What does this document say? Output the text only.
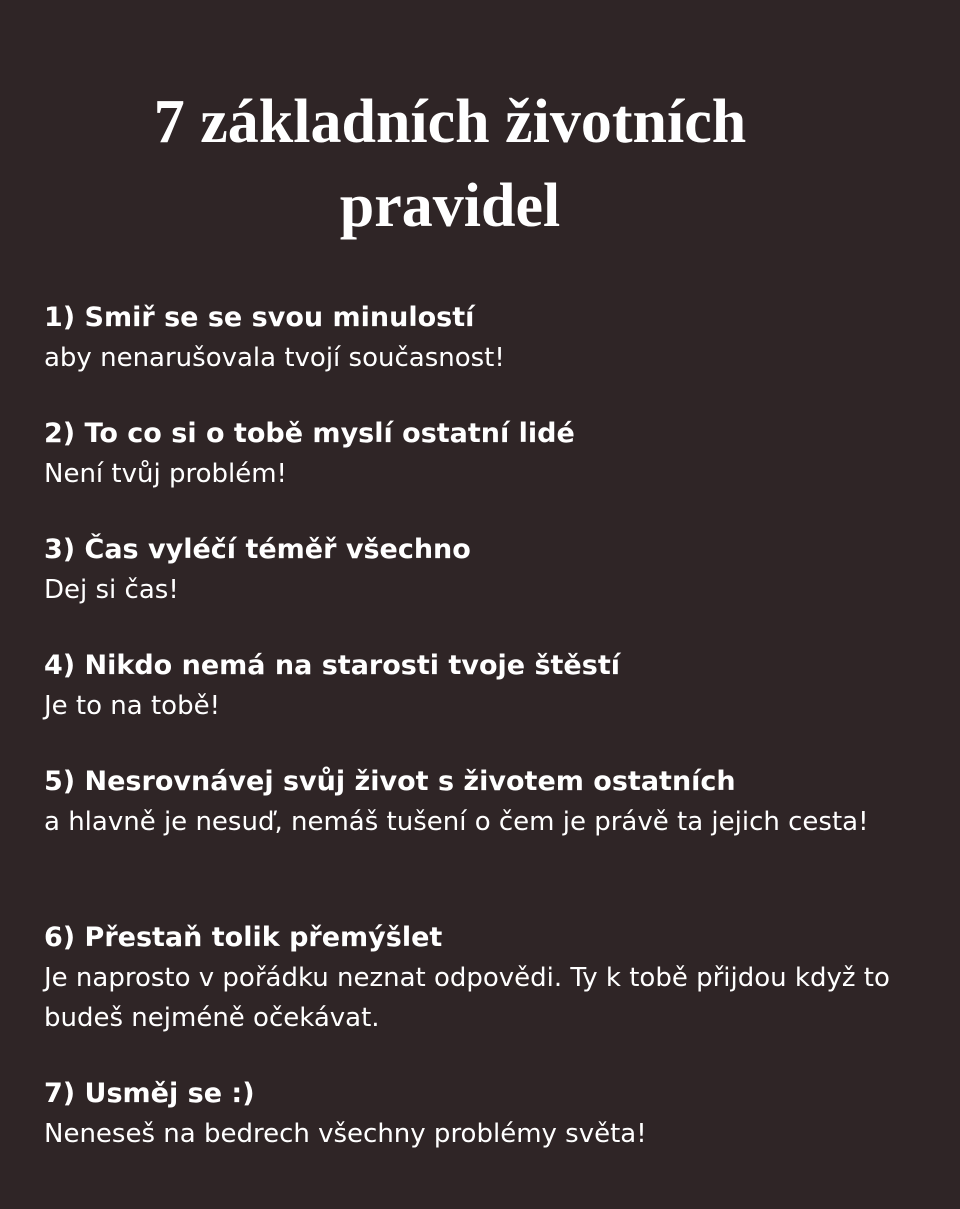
7 základních životních
pravidel
1) Smiř se se svou minulostí
aby nenarušovala tvojí současnost!
2) To co si o tobě myslí ostatní lidé
Není tvůj problém!
3) Čas vyléčí téměř všechno
Dej si čas!
4) Nikdo nemá na starosti tvoje štěstí
Je to na tobě!
5) Nesrovnávej svůj život s životem ostatních
a hlavně je nesuď, nemáš tušení o čem je právě ta jejich cesta!
6) Přestaň tolik přemýšlet
Je naprosto v pořádku neznat odpovědi. Ty k tobě přijdou když to budeš nejméně očekávat.
7) Usměj se :)
Neneseš na bedrech všechny problémy světa!
